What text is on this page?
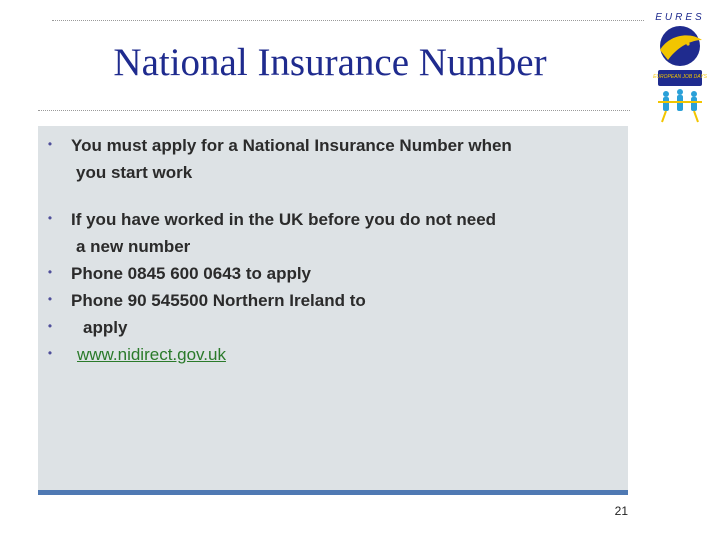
National Insurance Number
EURES
EUROPEAN JOB DAYS
•	You must apply for a National Insurance Number when
you start work
•	If you have worked in the UK before you do not need
a new number
•	Phone 0845 600 0643 to apply
•	Phone 90 545500 Northern Ireland to
•	apply
•	www.nidirect.gov.uk
21
